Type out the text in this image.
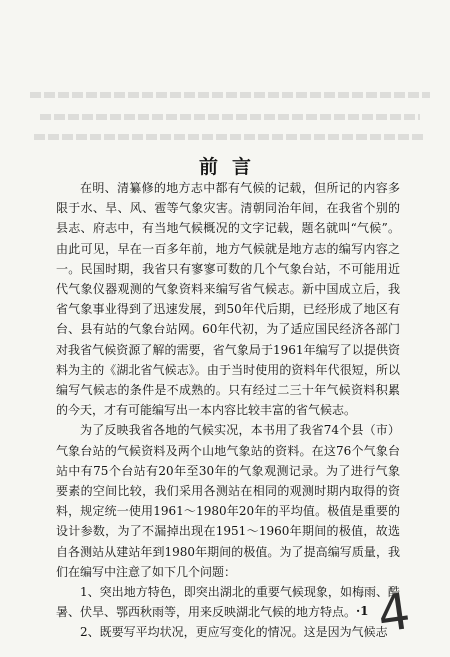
前言

在明、清纂修的地方志中都有气候的记载，但所记的内容多限于水、旱、风、雹等气象灾害。清朝同治年间，在我省个别的县志、府志中，有当地气候概况的文字记载，题名就叫“气候”。由此可见，早在一百多年前，地方气候就是地方志的编写内容之一。民国时期，我省只有寥寥可数的几个气象台站，不可能用近代气象仪器观测的气象资料来编写省气候志。新中国成立后，我省气象事业得到了迅速发展，到50年代后期，已经形成了地区有台、县有站的气象台站网。60年代初，为了适应国民经济各部门对我省气候资源了解的需要，省气象局于1961年编写了以提供资料为主的《湖北省气候志》。由于当时使用的资料年代很短，所以编写气候志的条件是不成熟的。只有经过二三十年气候资料积累的今天，才有可能编写出一本内容比较丰富的省气候志。

为了反映我省各地的气候实况，本书用了我省74个县（市）气象台站的气候资料及两个山地气象站的资料。在这76个气象台站中有75个台站有20年至30年的气象观测记录。为了进行气象要素的空间比较，我们采用各测站在相同的观测时期内取得的资料，规定统一使用1961～1980年20年的平均值。极值是重要的设计参数，为了不漏掉出现在1951～1960年期间的极值，故选自各测站从建站年到1980年期间的极值。为了提高编写质量，我们在编写中注意了如下几个问题：

1、突出地方特色，即突出湖北的重要气候现象，如梅雨、酷暑、伏旱、鄂西秋雨等，用来反映湖北气候的地方特点。

2、既要写平均状况，更应写变化的情况。这是因为气候志

·1 4
